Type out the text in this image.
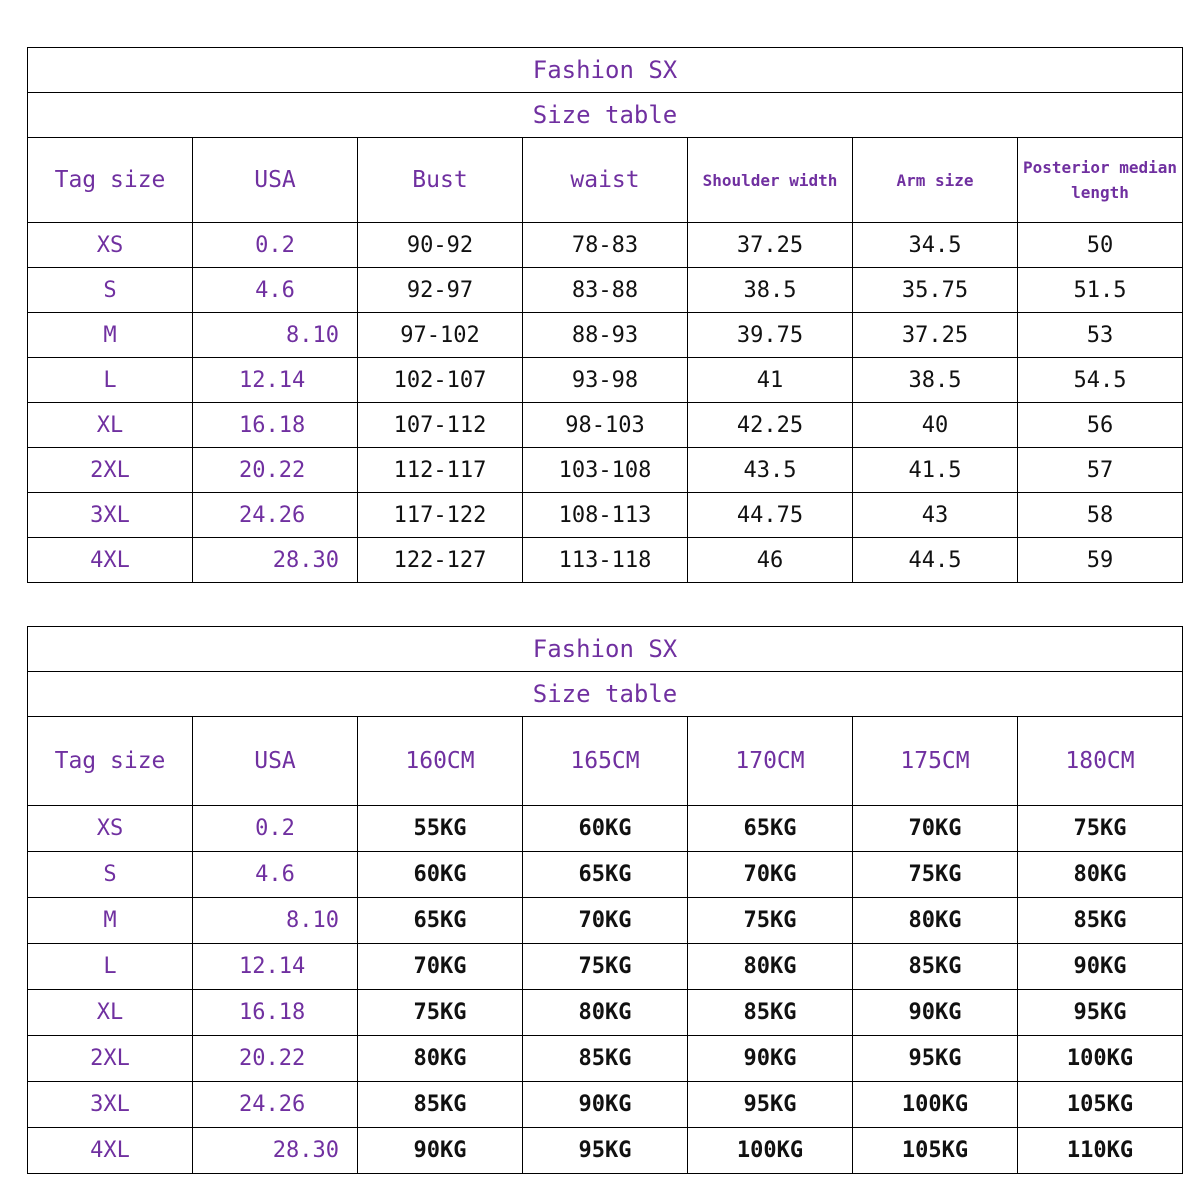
Fashion SX						
Size table						
Tag size	USA	Bust	waist	Shoulder width	Arm size	Posterior median length
XS	0.2	90-92	78-83	37.25	34.5	50
S	4.6	92-97	83-88	38.5	35.75	51.5
M	8.10	97-102	88-93	39.75	37.25	53
L	12.14	102-107	93-98	41	38.5	54.5
XL	16.18	107-112	98-103	42.25	40	56
2XL	20.22	112-117	103-108	43.5	41.5	57
3XL	24.26	117-122	108-113	44.75	43	58
4XL	28.30	122-127	113-118	46	44.5	59
Fashion SX						
Size table						
Tag size	USA	160CM	165CM	170CM	175CM	180CM
XS	0.2	55KG	60KG	65KG	70KG	75KG
S	4.6	60KG	65KG	70KG	75KG	80KG
M	8.10	65KG	70KG	75KG	80KG	85KG
L	12.14	70KG	75KG	80KG	85KG	90KG
XL	16.18	75KG	80KG	85KG	90KG	95KG
2XL	20.22	80KG	85KG	90KG	95KG	100KG
3XL	24.26	85KG	90KG	95KG	100KG	105KG
4XL	28.30	90KG	95KG	100KG	105KG	110KG
